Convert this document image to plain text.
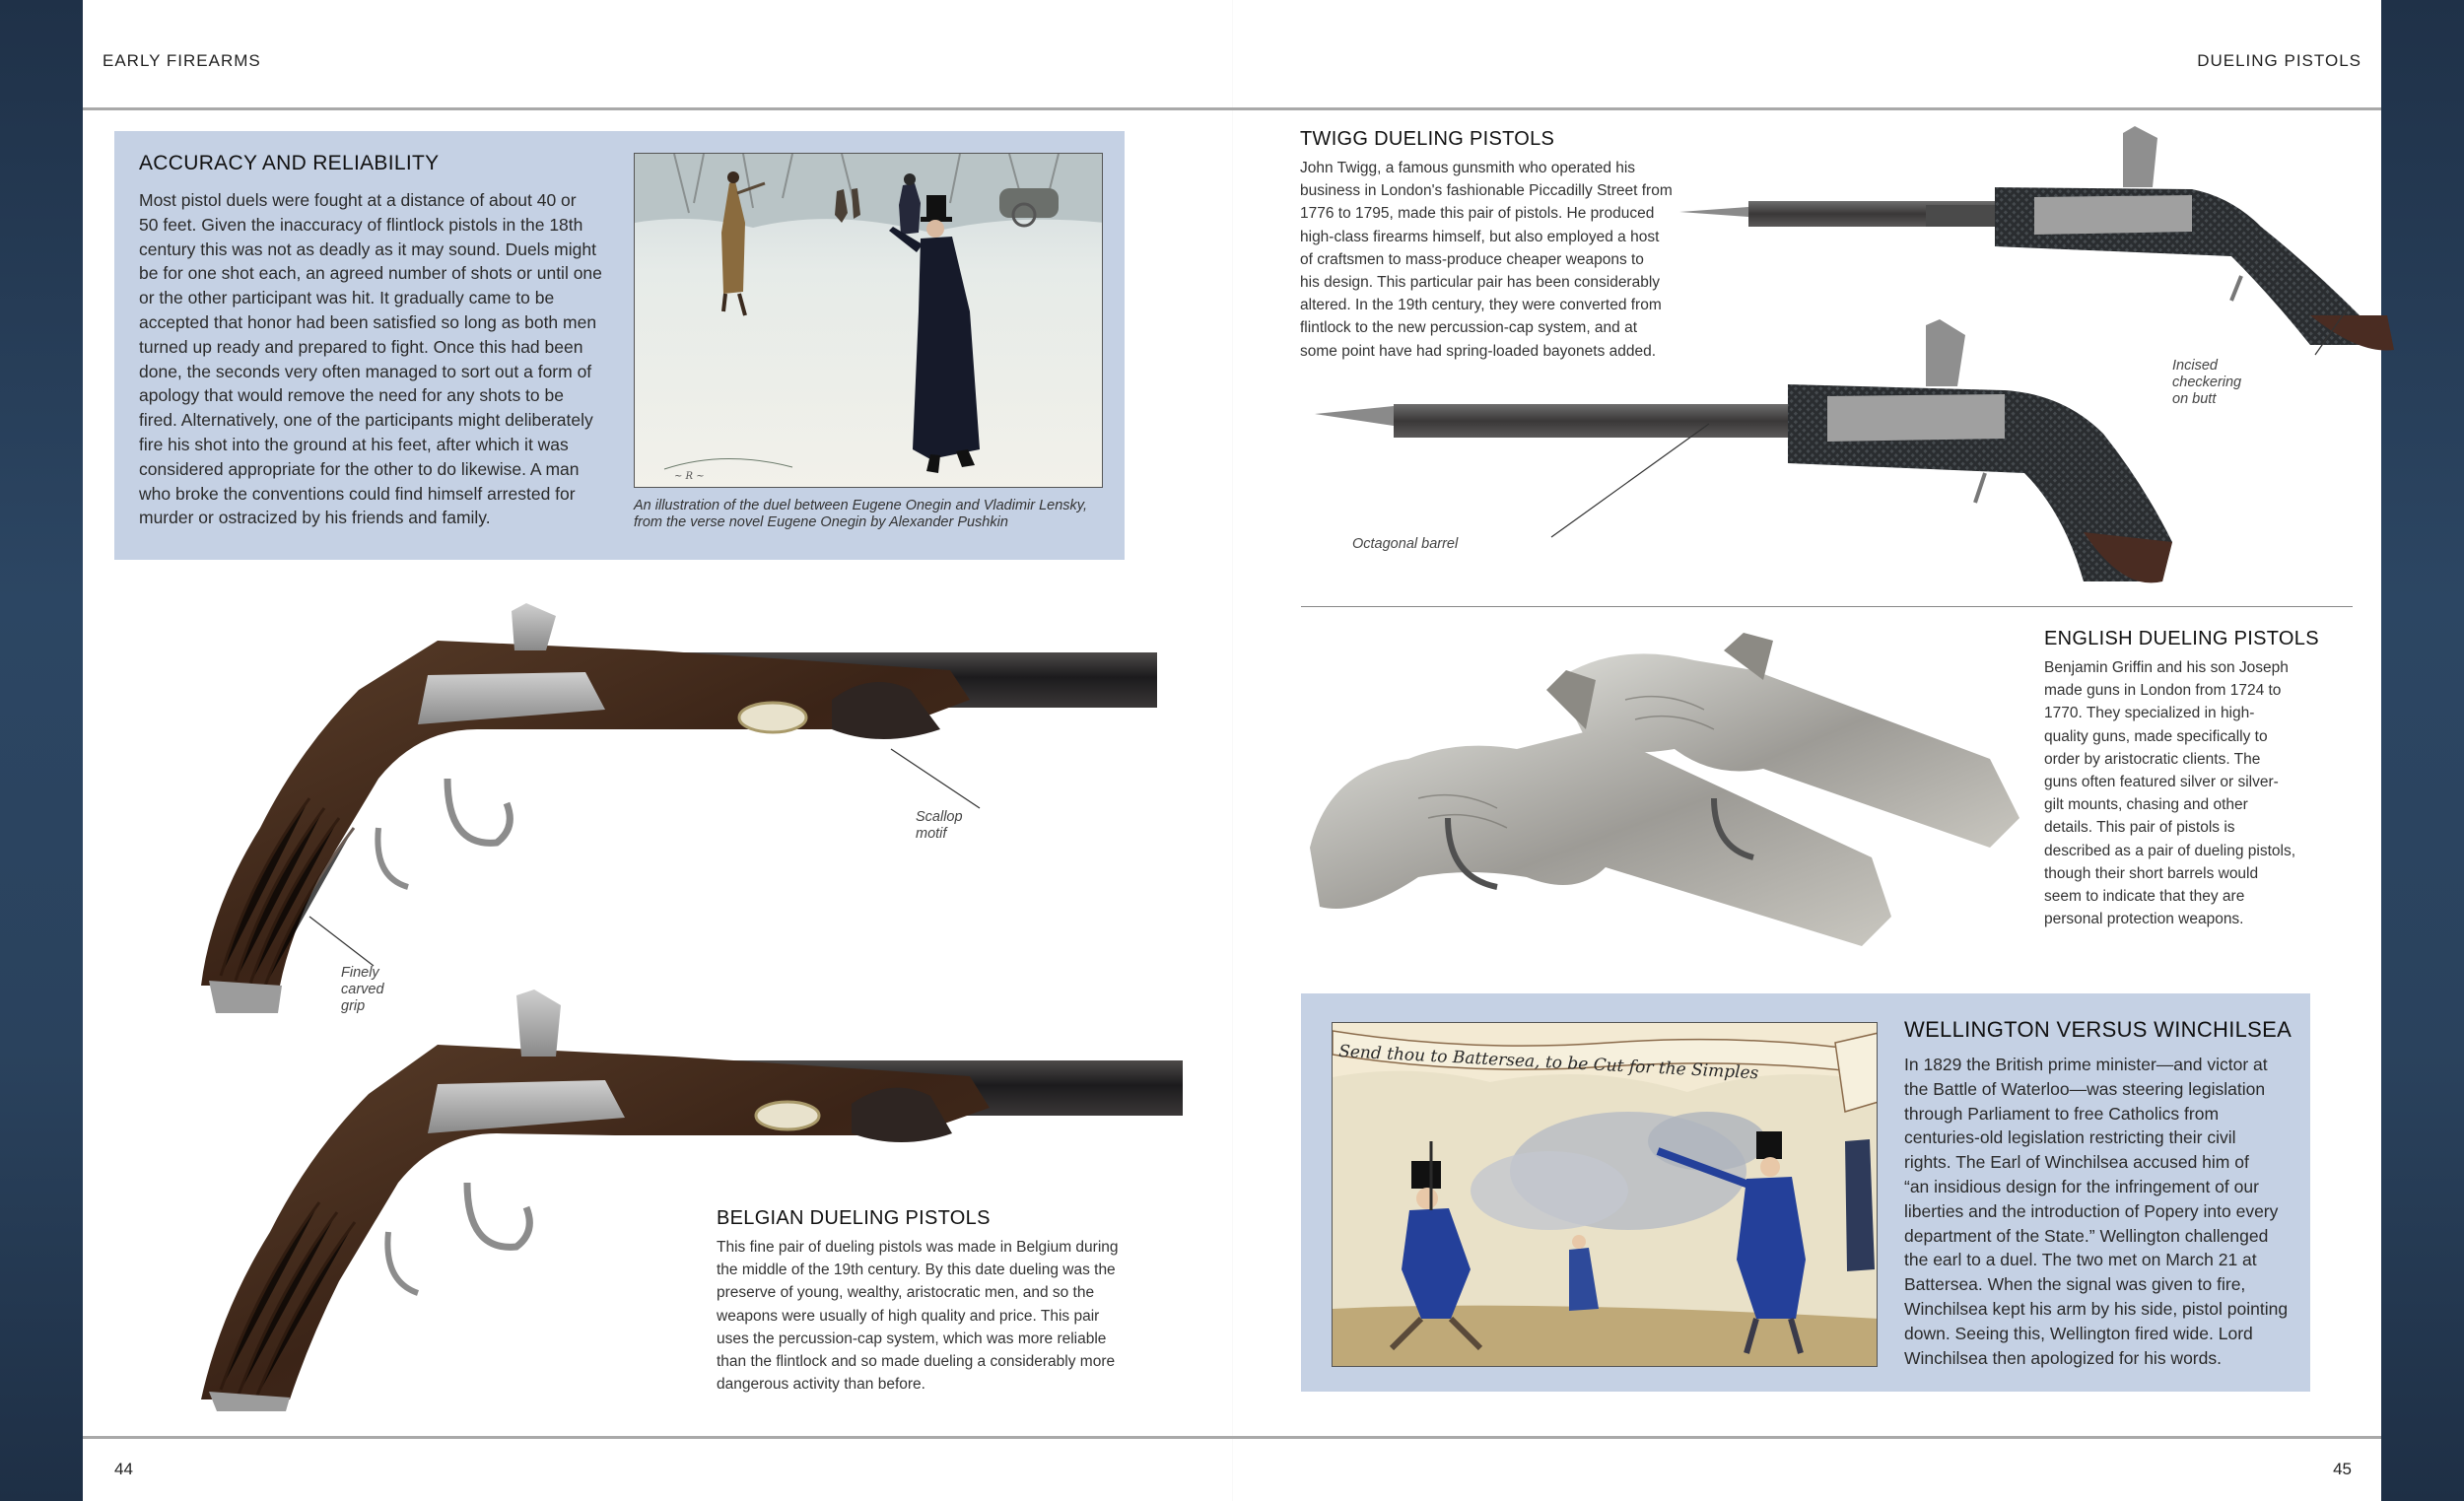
EARLY FIREARMS	DUELING PISTOLS
44	45
ACCURACY AND RELIABILITY
Most pistol duels were fought at a distance of about 40 or
50 feet. Given the inaccuracy of flintlock pistols in the 18th
century this was not as deadly as it may sound. Duels might
be for one shot each, an agreed number of shots or until one
or the other participant was hit. It gradually came to be
accepted that honor had been satisfied so long as both men
turned up ready and prepared to fight. Once this had been
done, the seconds very often managed to sort out a form of
apology that would remove the need for any shots to be
fired. Alternatively, one of the participants might deliberately
fire his shot into the ground at his feet, after which it was
considered appropriate for the other to do likewise. A man
who broke the conventions could find himself arrested for
murder or ostracized by his friends and family.
~ R ~
An illustration of the duel between Eugene Onegin and Vladimir Lensky,
from the verse novel Eugene Onegin by Alexander Pushkin
Scallop
motif
Finely
carved
grip
BELGIAN DUELING PISTOLS
This fine pair of dueling pistols was made in Belgium during
the middle of the 19th century. By this date dueling was the
preserve of young, wealthy, aristocratic men, and so the
weapons were usually of high quality and price. This pair
uses the percussion-cap system, which was more reliable
than the flintlock and so made dueling a considerably more
dangerous activity than before.
TWIGG DUELING PISTOLS
John Twigg, a famous gunsmith who operated his
business in London's fashionable Piccadilly Street from
1776 to 1795, made this pair of pistols. He produced
high-class firearms himself, but also employed a host
of craftsmen to mass-produce cheaper weapons to
his design. This particular pair has been considerably
altered. In the 19th century, they were converted from
flintlock to the new percussion-cap system, and at
some point have had spring-loaded bayonets added.
Incised
checkering
on butt
Octagonal barrel
ENGLISH DUELING PISTOLS
Benjamin Griffin and his son Joseph
made guns in London from 1724 to
1770. They specialized in high-
quality guns, made specifically to
order by aristocratic clients. The
guns often featured silver or silver-
gilt mounts, chasing and other
details. This pair of pistols is
described as a pair of dueling pistols,
though their short barrels would
seem to indicate that they are
personal protection weapons.
Send thou to Battersea, to be Cut for the Simples
WELLINGTON VERSUS WINCHILSEA
In 1829 the British prime minister—and victor at
the Battle of Waterloo—was steering legislation
through Parliament to free Catholics from
centuries-old legislation restricting their civil
rights. The Earl of Winchilsea accused him of
“an insidious design for the infringement of our
liberties and the introduction of Popery into every
department of the State.” Wellington challenged
the earl to a duel. The two met on March 21 at
Battersea. When the signal was given to fire,
Winchilsea kept his arm by his side, pistol pointing
down. Seeing this, Wellington fired wide. Lord
Winchilsea then apologized for his words.
